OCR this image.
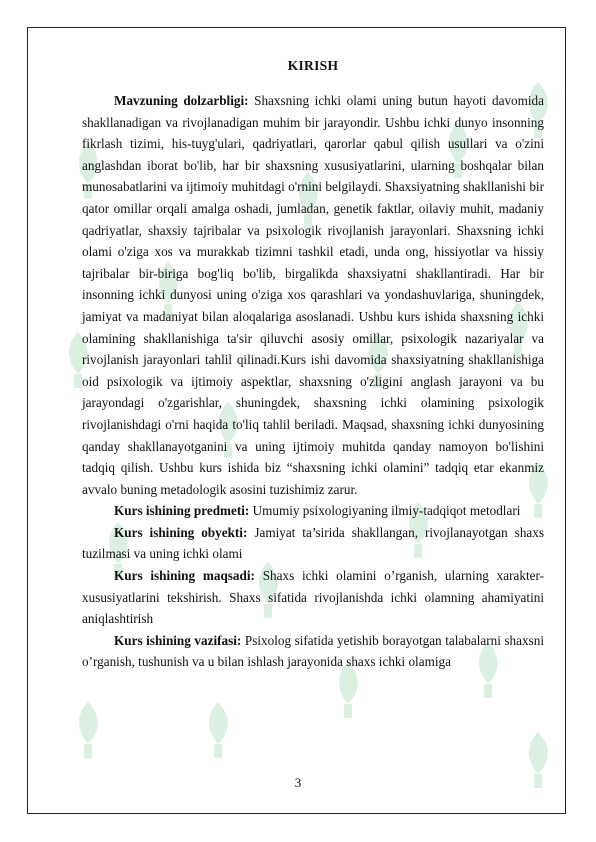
KIRISH

Mavzuning dolzarbligi: Shaxsning ichki olami uning butun hayoti davomida shakllanadigan va rivojlanadigan muhim bir jarayondir. Ushbu ichki dunyo insonning fikrlash tizimi, his-tuyg'ulari, qadriyatlari, qarorlar qabul qilish usullari va o'zini anglashdan iborat bo'lib, har bir shaxsning xususiyatlarini, ularning boshqalar bilan munosabatlarini va ijtimoiy muhitdagi o'rnini belgilaydi. Shaxsiyatning shakllanishi bir qator omillar orqali amalga oshadi, jumladan, genetik faktlar, oilaviy muhit, madaniy qadriyatlar, shaxsiy tajribalar va psixologik rivojlanish jarayonlari. Shaxsning ichki olami o'ziga xos va murakkab tizimni tashkil etadi, unda ong, hissiyotlar va hissiy tajribalar bir-biriga bog'liq bo'lib, birgalikda shaxsiyatni shakllantiradi. Har bir insonning ichki dunyosi uning o'ziga xos qarashlari va yondashuvlariga, shuningdek, jamiyat va madaniyat bilan aloqalariga asoslanadi. Ushbu kurs ishida shaxsning ichki olamining shakllanishiga ta'sir qiluvchi asosiy omillar, psixologik nazariyalar va rivojlanish jarayonlari tahlil qilinadi.Kurs ishi davomida shaxsiyatning shakllanishiga oid psixologik va ijtimoiy aspektlar, shaxsning o'zligini anglash jarayoni va bu jarayondagi o'zgarishlar, shuningdek, shaxsning ichki olamining psixologik rivojlanishdagi o'rni haqida to'liq tahlil beriladi. Maqsad, shaxsning ichki dunyosining qanday shakllanayotganini va uning ijtimoiy muhitda qanday namoyon bo'lishini tadqiq qilish. Ushbu kurs ishida biz “shaxsning ichki olamini” tadqiq etar ekanmiz avvalo buning metadologik asosini tuzishimiz zarur.

Kurs ishining predmeti: Umumiy psixologiyaning ilmiy-tadqiqot metodlari

Kurs ishining obyekti: Jamiyat ta’sirida shakllangan, rivojlanayotgan shaxs tuzilmasi va uning ichki olami

Kurs ishining maqsadi: Shaxs ichki olamini o’rganish, ularning xarakter-xususiyatlarini tekshirish. Shaxs sifatida rivojlanishda ichki olamning ahamiyatini aniqlashtirish

Kurs ishining vazifasi: Psixolog sifatida yetishib borayotgan talabalarni shaxsni o’rganish, tushunish va u bilan ishlash jarayonida shaxs ichki olamiga

3
